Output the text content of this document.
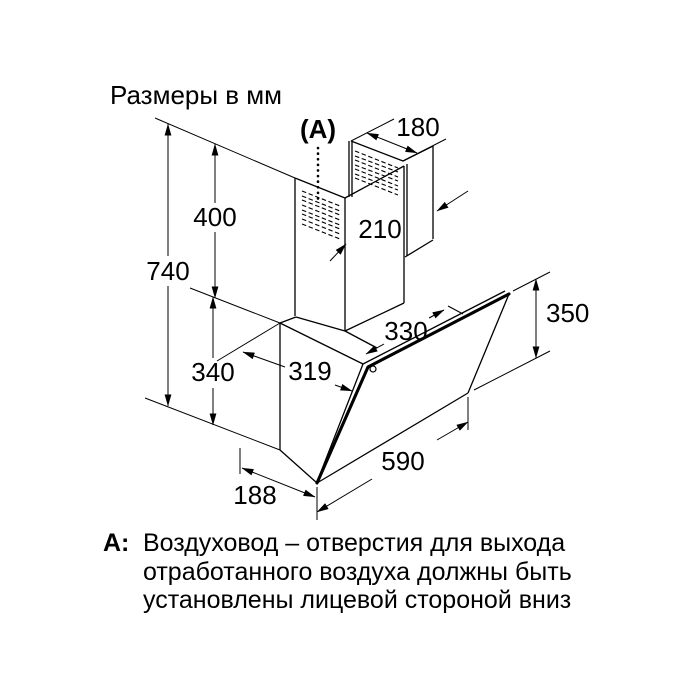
Размеры в мм
740
400
340
350
180
210
330
319
590
188
(A)
А: Воздуховод – отверстия для выхода
отработанного воздуха должны быть
установлены лицевой стороной вниз
